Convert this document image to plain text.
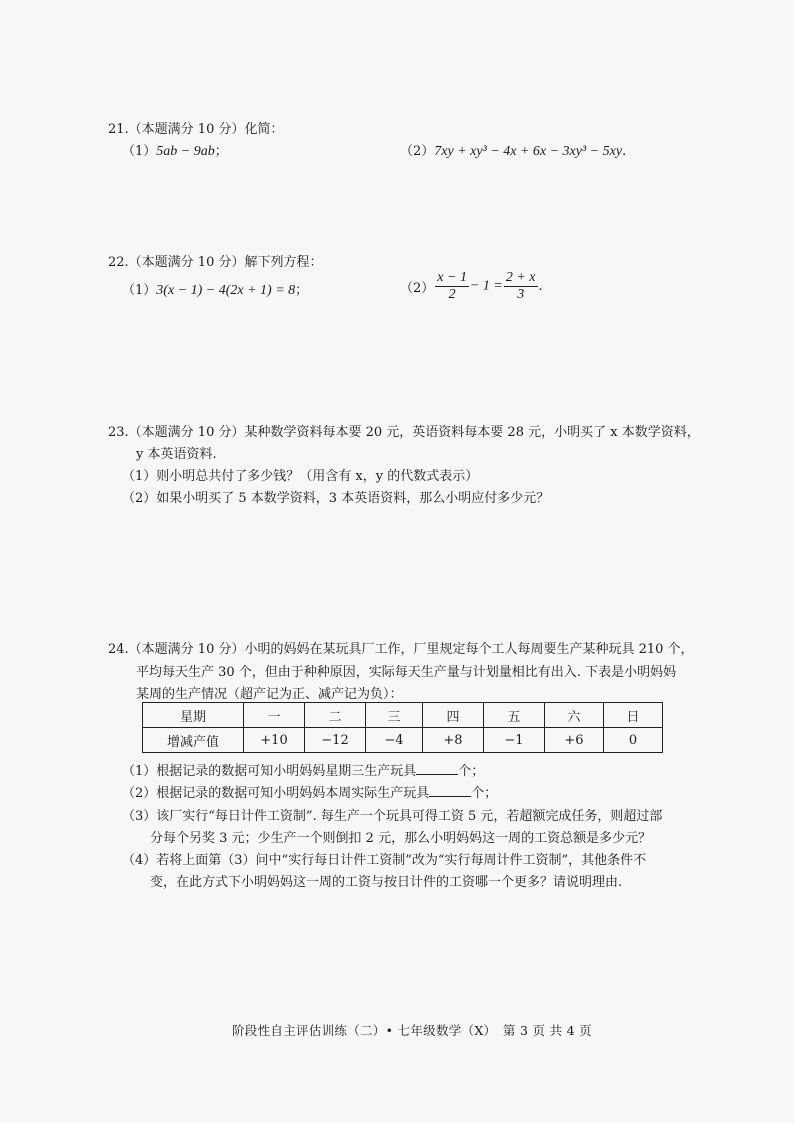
21.（本题满分 10 分）化简：
（1）5ab − 9ab；	（2）7xy + xy³ − 4x + 6x − 3xy³ − 5xy.
22.（本题满分 10 分）解下列方程：
（1）3(x − 1) − 4(2x + 1) = 8；	$(2) \frac{x - 1}{2} - 1 = \frac{2 + x}{3}$ .
23.（本题满分 10 分）某种数学资料每本要 20 元，英语资料每本要 28 元，小明买了 x 本数学资料，
y 本英语资料.
（1）则小明总共付了多少钱？（用含有 x，y 的代数式表示）
（2）如果小明买了 5 本数学资料，3 本英语资料，那么小明应付多少元？
24.（本题满分 10 分）小明的妈妈在某玩具厂工作，厂里规定每个工人每周要生产某种玩具 210 个，
平均每天生产 30 个，但由于种种原因，实际每天生产量与计划量相比有出入. 下表是小明妈妈
某周的生产情况（超产记为正、减产记为负）：
星期	一	二	三	四	五	六	日
增减产值	+10	−12	−4	+8	−1	+6	0
（1）根据记录的数据可知小明妈妈星期三生产玩具	个；
（2）根据记录的数据可知小明妈妈本周实际生产玩具	个；
（3）该厂实行“每日计件工资制”. 每生产一个玩具可得工资 5 元，若超额完成任务，则超过部
分每个另奖 3 元；少生产一个则倒扣 2 元，那么小明妈妈这一周的工资总额是多少元？
（4）若将上面第（3）问中“实行每日计件工资制”改为“实行每周计件工资制”，其他条件不
变，在此方式下小明妈妈这一周的工资与按日计件的工资哪一个更多？请说明理由.
阶段性自主评估训练（二）• 七年级数学（X）　第 3 页 共 4 页
